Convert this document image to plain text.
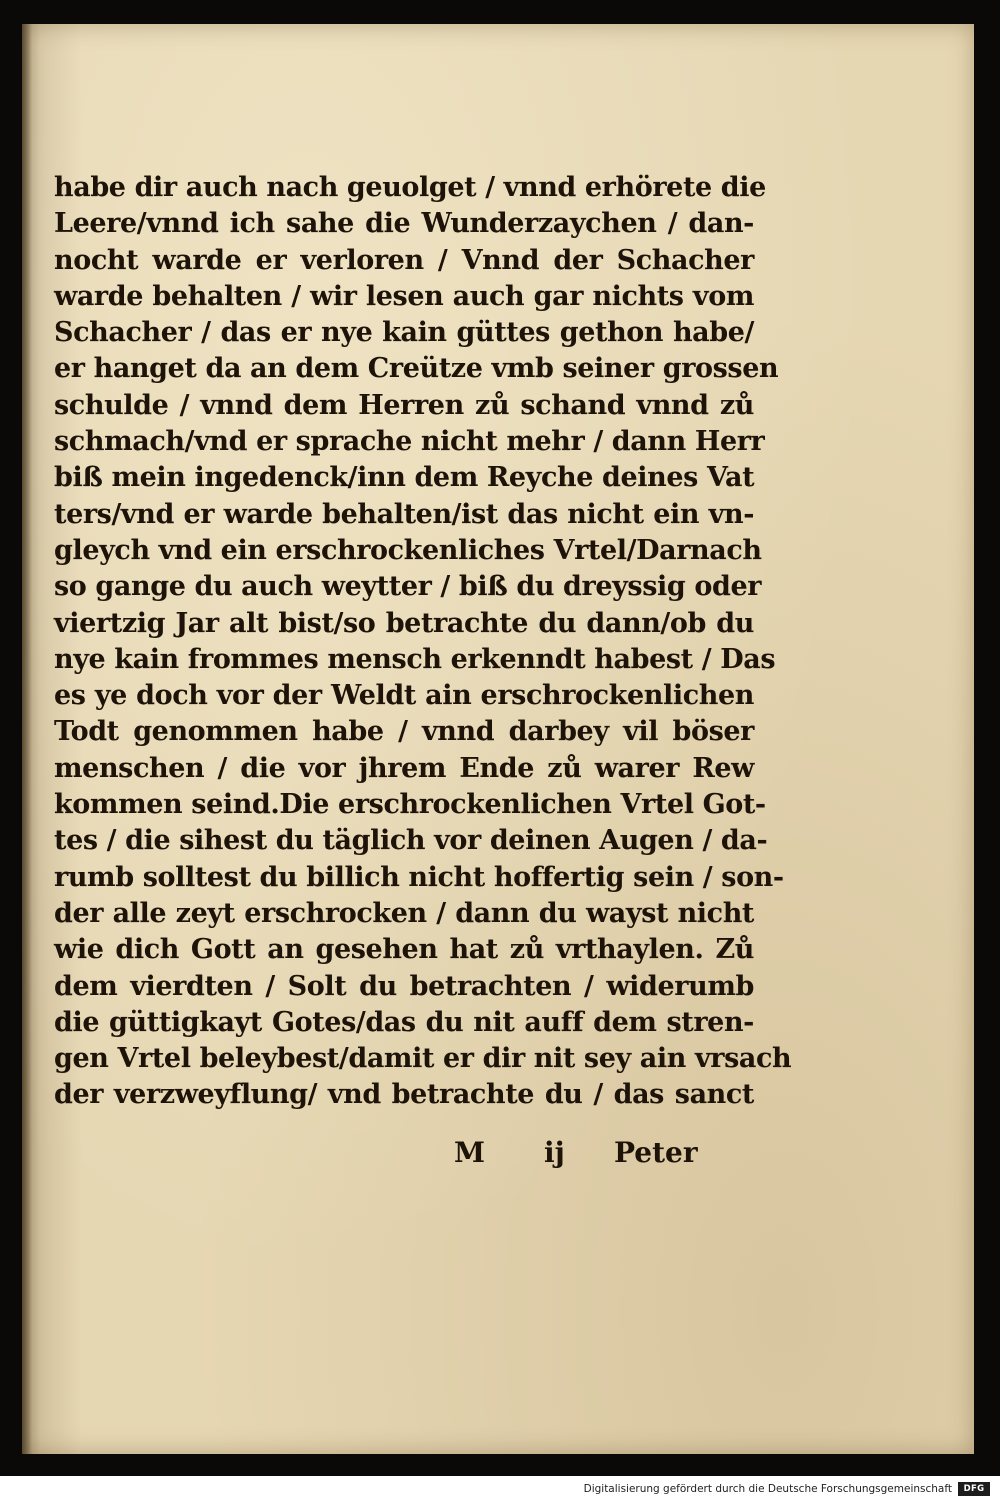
habe dir auch nach geuolget / vnnd erhörete die
Leere/vnnd ich sahe die Wunderzaychen / dan-
nocht warde er verloren / Vnnd der Schacher
warde behalten / wir lesen auch gar nichts vom
Schacher / das er nye kain güttes gethon habe/
er hanget da an dem Creütze vmb seiner grossen
schulde / vnnd dem Herren zů schand vnnd zů
schmach/vnd er sprache nicht mehr / dann Herr
biß mein ingedenck/inn dem Reyche deines Vat
ters/vnd er warde behalten/ist das nicht ein vn-
gleych vnd ein erschrockenliches Vrtel/Darnach
so gange du auch weytter / biß du dreyssig oder
viertzig Jar alt bist/so betrachte du dann/ob du
nye kain frommes mensch erkenndt habest / Das
es ye doch vor der Weldt ain erschrockenlichen
Todt genommen habe / vnnd darbey vil böser
menschen / die vor jhrem Ende zů warer Rew
kommen seind.Die erschrockenlichen Vrtel Got-
tes / die sihest du täglich vor deinen Augen / da-
rumb solltest du billich nicht hoffertig sein / son-
der alle zeyt erschrocken / dann du wayst nicht
wie dich Gott an gesehen hat zů vrthaylen. Zů
dem vierdten / Solt du betrachten / widerumb
die güttigkayt Gotes/das du nit auff dem stren-
gen Vrtel beleybest/damit er dir nit sey ain vrsach
der verzweyflung/ vnd betrachte du / das sanct
M ij Peter
Digitalisierung gefördert durch die Deutsche Forschungsgemeinschaft	DFG
